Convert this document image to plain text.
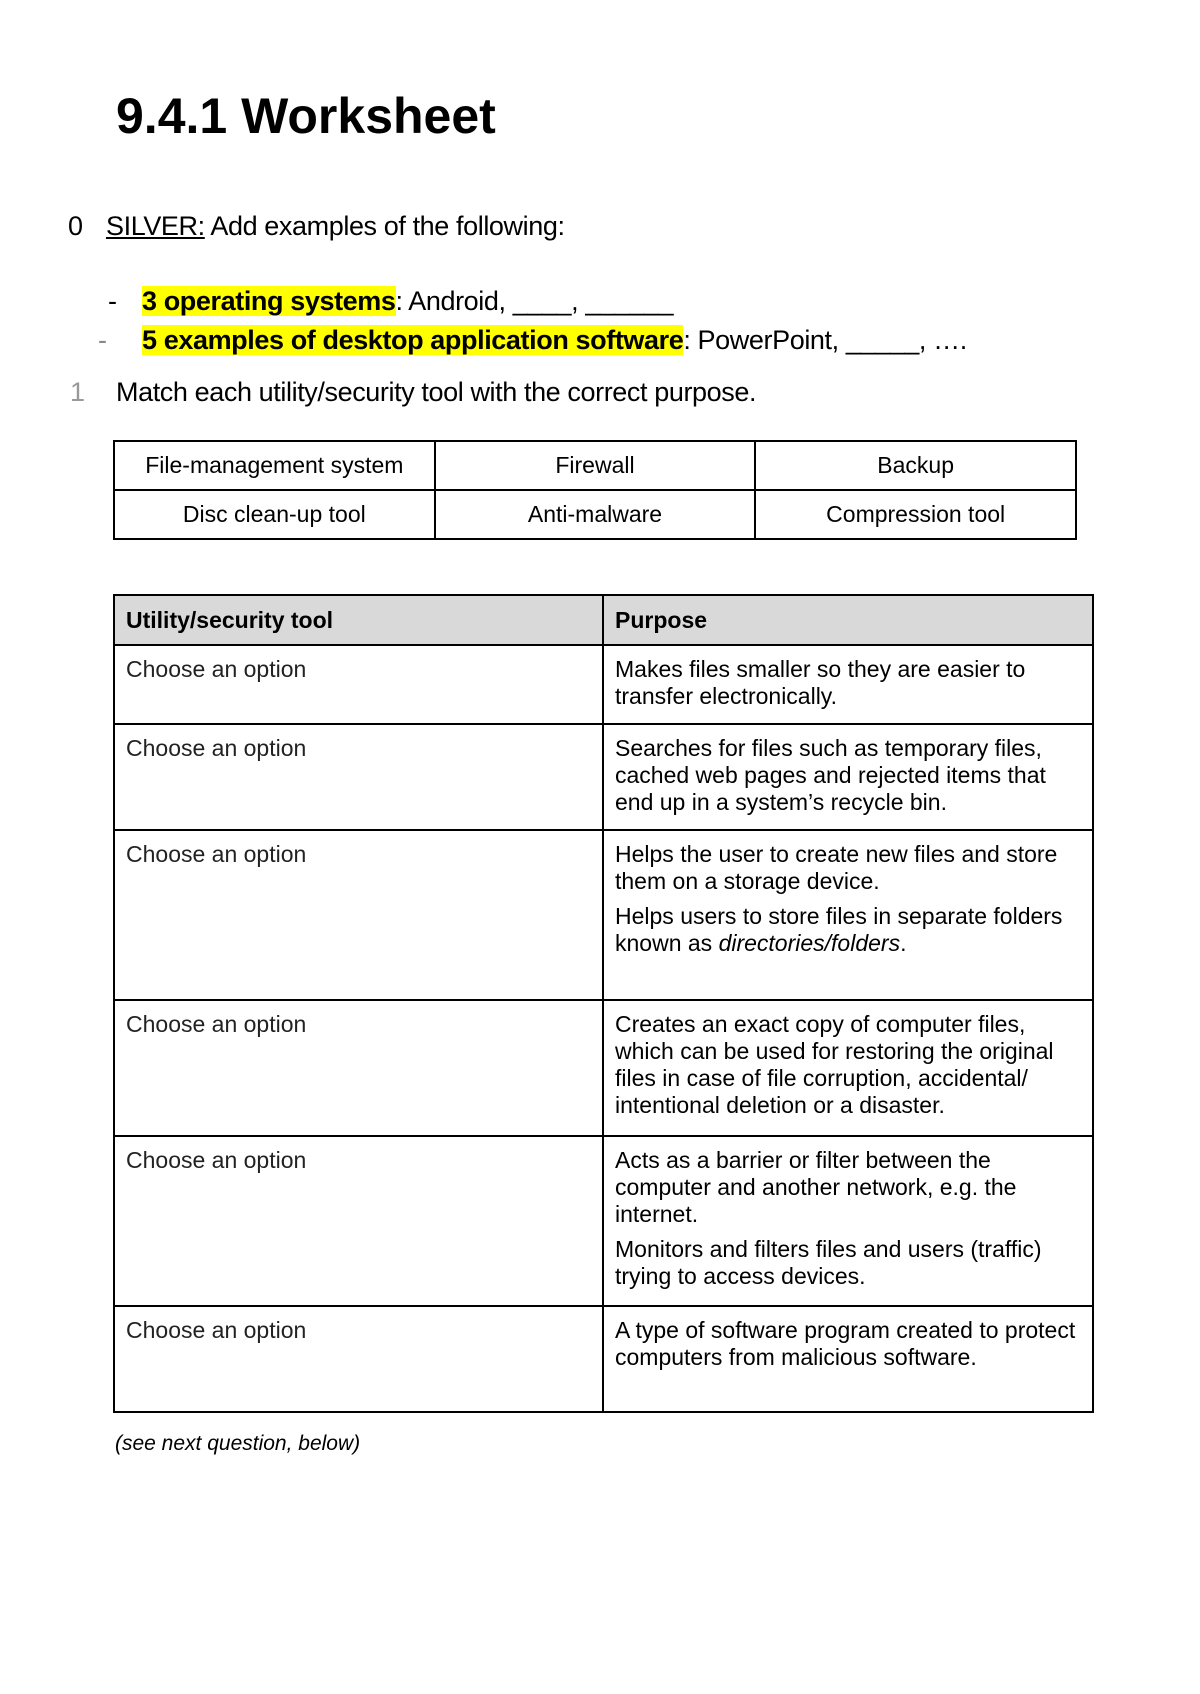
9.4.1 Worksheet
0 SILVER: Add examples of the following:
- 3 operating systems: Android, ____, ______
- 5 examples of desktop application software: PowerPoint, _____, ….
1 Match each utility/security tool with the correct purpose.
File-management system	Firewall	Backup
Disc clean-up tool	Anti-malware	Compression tool
Utility/security tool	Purpose
Choose an option	Makes files smaller so they are easier to transfer electronically.

Choose an option	Searches for files such as temporary files, cached web pages and rejected items that end up in a system’s recycle bin.

Choose an option	Helps the user to create new files and store them on a storage device.

Helps users to store files in separate folders known as directories/folders.

Choose an option	Creates an exact copy of computer files, which can be used for restoring the original files in case of file corruption, accidental/ intentional deletion or a disaster.

Choose an option	Acts as a barrier or filter between the computer and another network, e.g. the internet.

Monitors and filters files and users (traffic) trying to access devices.

Choose an option	A type of software program created to protect computers from malicious software.

(see next question, below)
